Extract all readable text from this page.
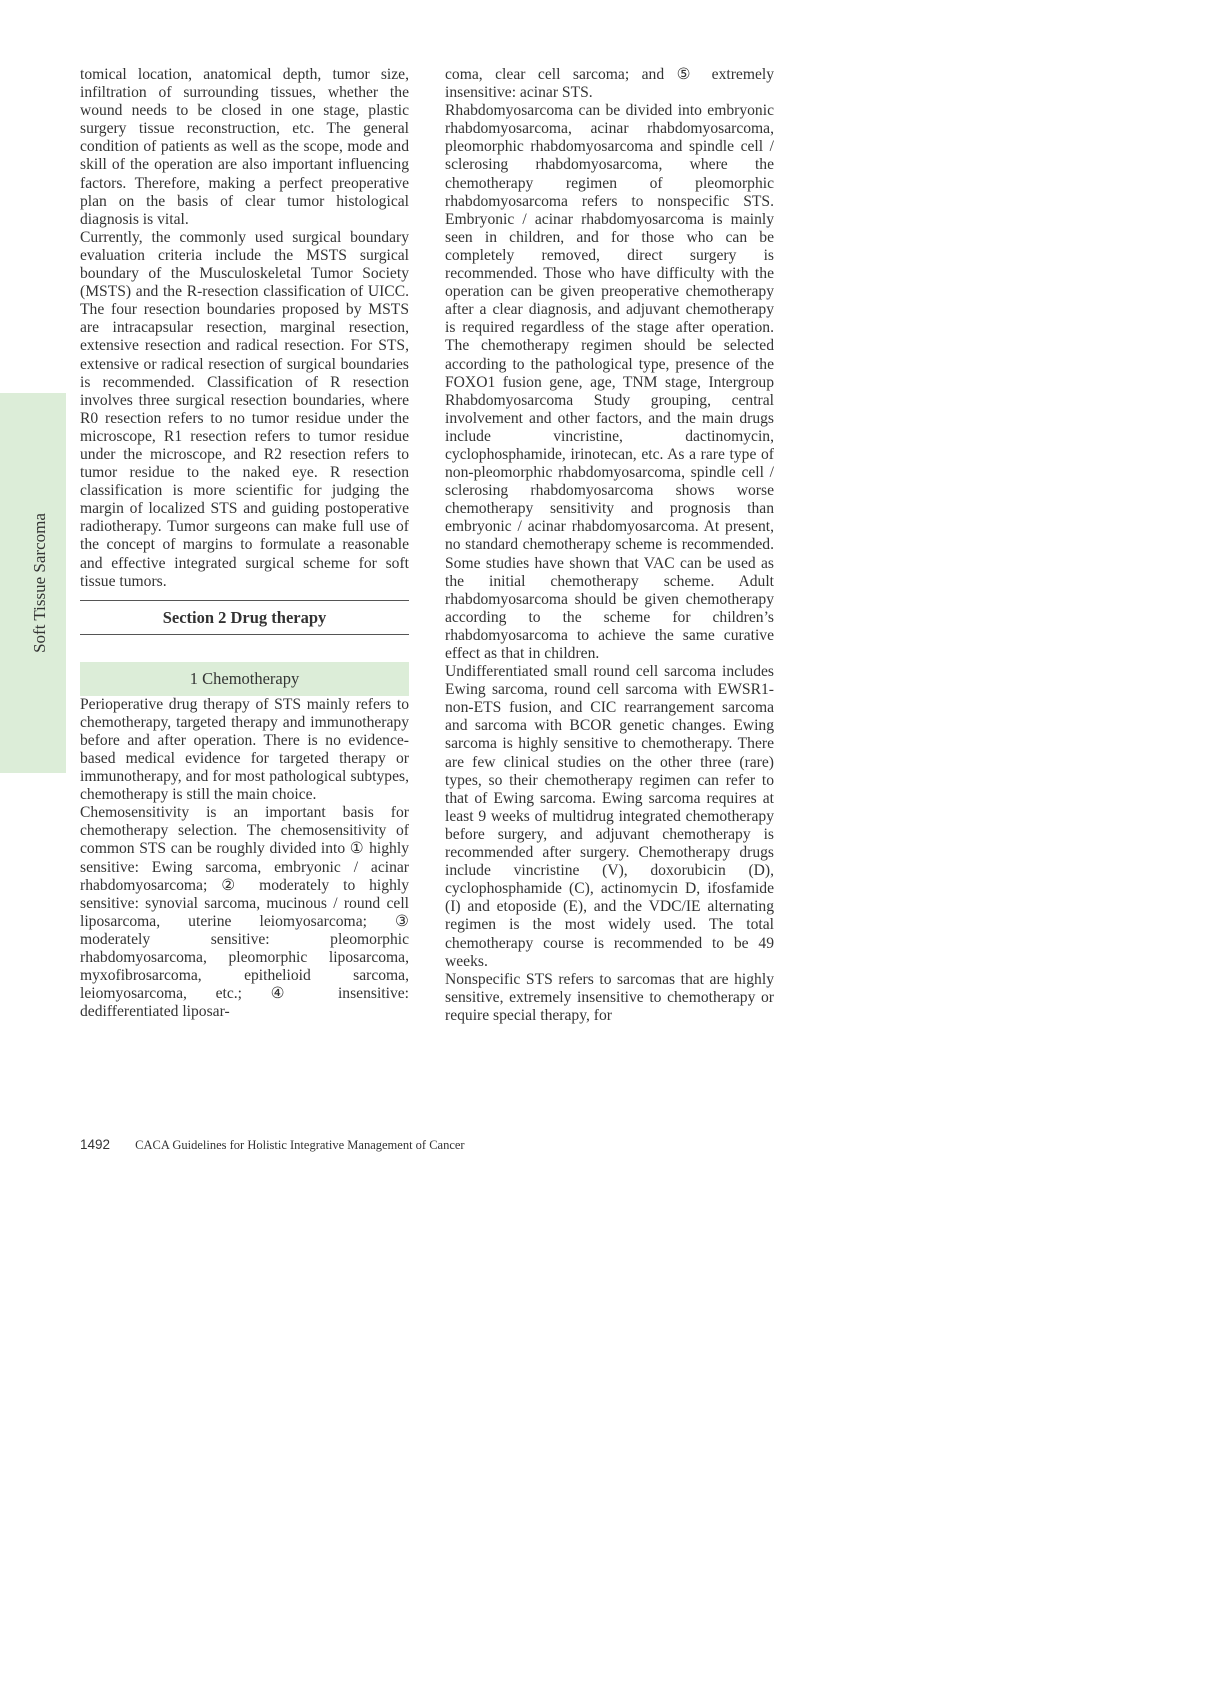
Soft Tissue Sarcoma

tomical location, anatomical depth, tumor size, infiltration of surrounding tissues, whether the wound needs to be closed in one stage, plastic surgery tissue reconstruction, etc. The general condition of patients as well as the scope, mode and skill of the operation are also important influencing factors. Therefore, making a perfect preoperative plan on the basis of clear tumor histological diagnosis is vital.

Currently, the commonly used surgical boundary evaluation criteria include the MSTS surgical boundary of the Musculoskeletal Tumor Society (MSTS) and the R-resection classification of UICC. The four resection boundaries proposed by MSTS are intracapsular resection, marginal resection, extensive resection and radical resection. For STS, extensive or radical resection of surgical boundaries is recommended. Classification of R resection involves three surgical resection boundaries, where R0 resection refers to no tumor residue under the microscope, R1 resection refers to tumor residue under the microscope, and R2 resection refers to tumor residue to the naked eye. R resection classification is more scientific for judging the margin of localized STS and guiding postoperative radiotherapy. Tumor surgeons can make full use of the concept of margins to formulate a reasonable and effective integrated surgical scheme for soft tissue tumors.

Section 2 Drug therapy
1 Chemotherapy

Perioperative drug therapy of STS mainly refers to chemotherapy, targeted therapy and immunotherapy before and after operation. There is no evidence-based medical evidence for targeted therapy or immunotherapy, and for most pathological subtypes, chemotherapy is still the main choice.

Chemosensitivity is an important basis for chemotherapy selection. The chemosensitivity of common STS can be roughly divided into ① highly sensitive: Ewing sarcoma, embryonic / acinar rhabdomyosarcoma; ② moderately to highly sensitive: synovial sarcoma, mucinous / round cell liposarcoma, uterine leiomyosarcoma; ③ moderately sensitive: pleomorphic rhabdomyosarcoma, pleomorphic liposarcoma, myxofibrosarcoma, epithelioid sarcoma, leiomyosarcoma, etc.; ④ insensitive: dedifferentiated liposar-

coma, clear cell sarcoma; and ⑤ extremely insensitive: acinar STS.

Rhabdomyosarcoma can be divided into embryonic rhabdomyosarcoma, acinar rhabdomyosarcoma, pleomorphic rhabdomyosarcoma and spindle cell / sclerosing rhabdomyosarcoma, where the chemotherapy regimen of pleomorphic rhabdomyosarcoma refers to nonspecific STS. Embryonic / acinar rhabdomyosarcoma is mainly seen in children, and for those who can be completely removed, direct surgery is recommended. Those who have difficulty with the operation can be given preoperative chemotherapy after a clear diagnosis, and adjuvant chemotherapy is required regardless of the stage after operation. The chemotherapy regimen should be selected according to the pathological type, presence of the FOXO1 fusion gene, age, TNM stage, Intergroup Rhabdomyosarcoma Study grouping, central involvement and other factors, and the main drugs include vincristine, dactinomycin, cyclophosphamide, irinotecan, etc. As a rare type of non-pleomorphic rhabdomyosarcoma, spindle cell / sclerosing rhabdomyosarcoma shows worse chemotherapy sensitivity and prognosis than embryonic / acinar rhabdomyosarcoma. At present, no standard chemotherapy scheme is recommended. Some studies have shown that VAC can be used as the initial chemotherapy scheme. Adult rhabdomyosarcoma should be given chemotherapy according to the scheme for children’s rhabdomyosarcoma to achieve the same curative effect as that in children.

Undifferentiated small round cell sarcoma includes Ewing sarcoma, round cell sarcoma with EWSR1-non-ETS fusion, and CIC rearrangement sarcoma and sarcoma with BCOR genetic changes. Ewing sarcoma is highly sensitive to chemotherapy. There are few clinical studies on the other three (rare) types, so their chemotherapy regimen can refer to that of Ewing sarcoma. Ewing sarcoma requires at least 9 weeks of multidrug integrated chemotherapy before surgery, and adjuvant chemotherapy is recommended after surgery. Chemotherapy drugs include vincristine (V), doxorubicin (D), cyclophosphamide (C), actinomycin D, ifosfamide (I) and etoposide (E), and the VDC/IE alternating regimen is the most widely used. The total chemotherapy course is recommended to be 49 weeks.

Nonspecific STS refers to sarcomas that are highly sensitive, extremely insensitive to chemotherapy or require special therapy, for

1492 CACA Guidelines for Holistic Integrative Management of Cancer
